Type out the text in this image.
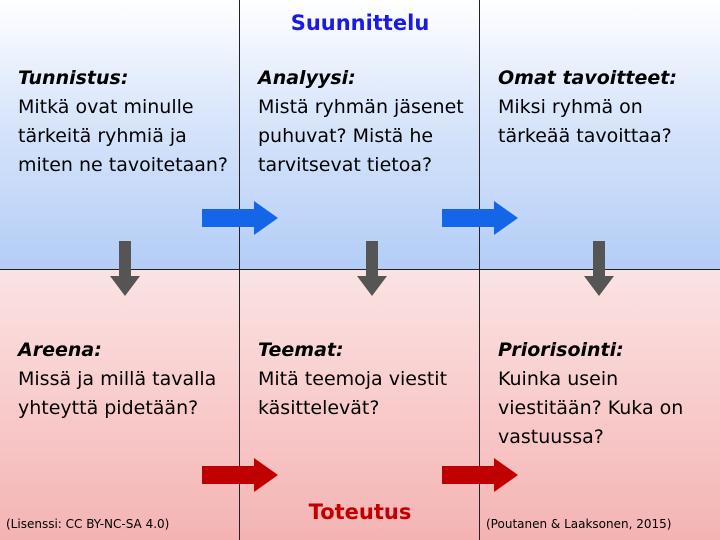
Suunnittelu
Toteutus
Tunnistus:
Mitkä ovat minulle tärkeitä ryhmiä ja miten ne tavoitetaan?
Analyysi:
Mistä ryhmän jäsenet puhuvat? Mistä he tarvitsevat tietoa?
Omat tavoitteet:
Miksi ryhmä on tärkeää tavoittaa?
Areena:
Missä ja millä tavalla yhteyttä pidetään?
Teemat:
Mitä teemoja viestit käsittelevät?
Priorisointi:
Kuinka usein viestitään? Kuka on vastuussa?
(Lisenssi: CC BY-NC-SA 4.0)	(Poutanen & Laaksonen, 2015)
